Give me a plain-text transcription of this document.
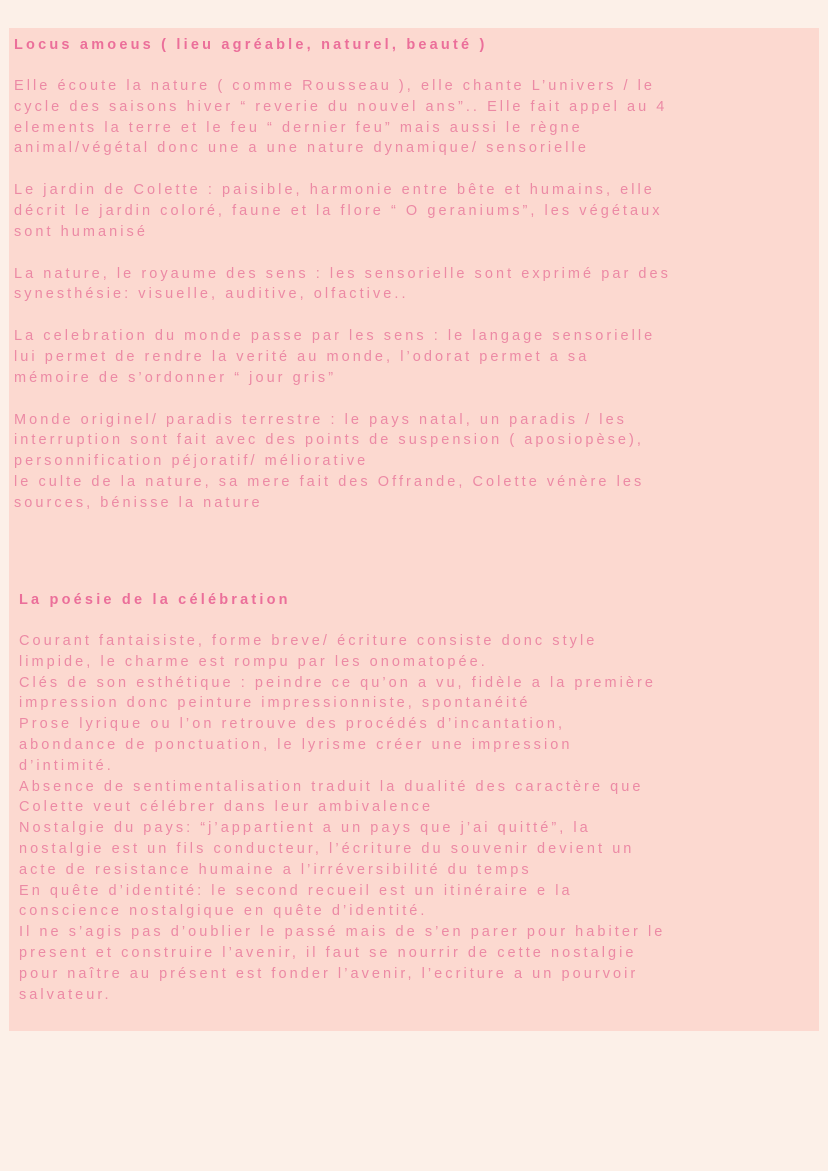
Locus amoeus ( lieu agréable, naturel, beauté )
Elle écoute la nature ( comme Rousseau ), elle chante L’univers / le
cycle des saisons hiver “ reverie du nouvel ans”.. Elle fait appel au 4
elements la terre et le feu “ dernier feu” mais aussi le règne
animal/végétal donc une a une nature dynamique/ sensorielle
Le jardin de Colette : paisible, harmonie entre bête et humains, elle
décrit le jardin coloré, faune et la flore “ O geraniums”, les végétaux
sont humanisé
La nature, le royaume des sens : les sensorielle sont exprimé par des
synesthésie: visuelle, auditive, olfactive..
La celebration du monde passe par les sens : le langage sensorielle
lui permet de rendre la verité au monde, l’odorat permet a sa
mémoire de s’ordonner “ jour gris”
Monde originel/ paradis terrestre : le pays natal, un paradis / les
interruption sont fait avec des points de suspension ( aposiopèse),
personnification péjoratif/ méliorative
le culte de la nature, sa mere fait des Offrande, Colette vénère les
sources, bénisse la nature
La poésie de la célébration
Courant fantaisiste, forme breve/ écriture consiste donc style
limpide, le charme est rompu par les onomatopée.
Clés de son esthétique : peindre ce qu’on a vu, fidèle a la première
impression donc peinture impressionniste, spontanéité
Prose lyrique ou l’on retrouve des procédés d’incantation,
abondance de ponctuation, le lyrisme créer une impression
d’intimité.
Absence de sentimentalisation traduit la dualité des caractère que
Colette veut célébrer dans leur ambivalence
Nostalgie du pays: “j’appartient a un pays que j’ai quitté”, la
nostalgie est un fils conducteur, l’écriture du souvenir devient un
acte de resistance humaine a l’irréversibilité du temps
En quête d’identité: le second recueil est un itinéraire e la
conscience nostalgique en quête d’identité.
Il ne s’agis pas d’oublier le passé mais de s’en parer pour habiter le
present et construire l’avenir, il faut se nourrir de cette nostalgie
pour naître au présent est fonder l’avenir, l’ecriture a un pourvoir
salvateur.
